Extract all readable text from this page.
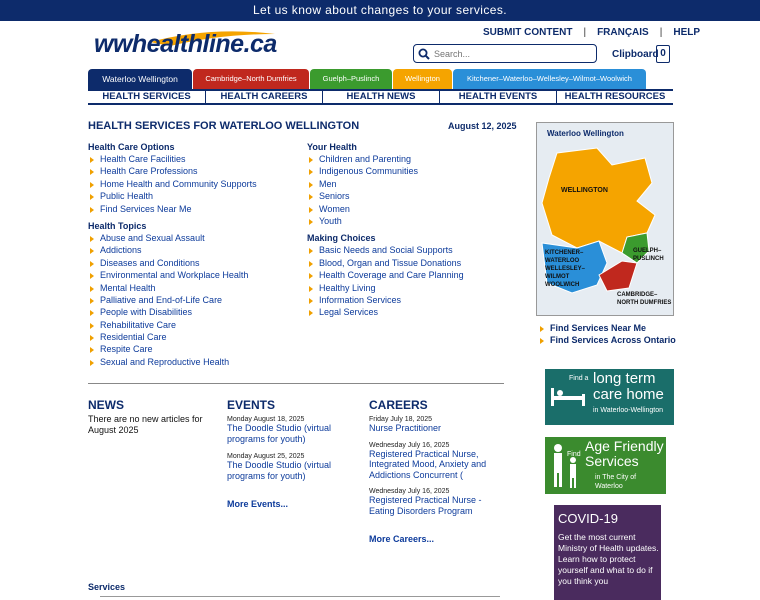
Let us know about changes to your services.
wwhealthline.ca	SUBMIT CONTENT | FRANÇAIS | HELP
Search...
Clipboard 0
Waterloo Wellington	Cambridge–North Dumfries	Guelph–Puslinch	Wellington	Kitchener–Waterloo–Wellesley–Wilmot–Woolwich
HEALTH SERVICES	HEALTH CAREERS	HEALTH NEWS	HEALTH EVENTS	HEALTH RESOURCES
HEALTH SERVICES FOR WATERLOO WELLINGTON	August 12, 2025
Health Care Options
Health Care Facilities
Health Care Professions
Home Health and Community Supports
Public Health
Find Services Near Me
Health Topics
Abuse and Sexual Assault
Addictions
Diseases and Conditions
Environmental and Workplace Health
Mental Health
Palliative and End-of-Life Care
People with Disabilities
Rehabilitative Care
Residential Care
Respite Care
Sexual and Reproductive Health
Your Health
Children and Parenting
Indigenous Communities
Men
Seniors
Women
Youth
Making Choices
Basic Needs and Social Supports
Blood, Organ and Tissue Donations
Health Coverage and Care Planning
Healthy Living
Information Services
Legal Services
NEWS
There are no new articles for August 2025
EVENTS
Monday August 18, 2025
The Doodle Studio (virtual programs for youth)
Monday August 25, 2025
The Doodle Studio (virtual programs for youth)
More Events...
CAREERS
Friday July 18, 2025
Nurse Practitioner
Wednesday July 16, 2025
Registered Practical Nurse, Integrated Mood, Anxiety and Addictions Concurrent (
Wednesday July 16, 2025
Registered Practical Nurse - Eating Disorders Program
More Careers...
Waterloo Wellington
WELLINGTON
KITCHENER–WATERLOO WELLESLEY–WILMOT WOOLWICH
GUELPH–PUSLINCH
CAMBRIDGE–NORTH DUMFRIES
Find Services Near Me
Find Services Across Ontario
Find a long term care home
in Waterloo-Wellington
Find
Age Friendly Services
in The City of Waterloo
COVID-19
Get the most current Ministry of Health updates. Learn how to protect yourself and what to do if you think you
Services
